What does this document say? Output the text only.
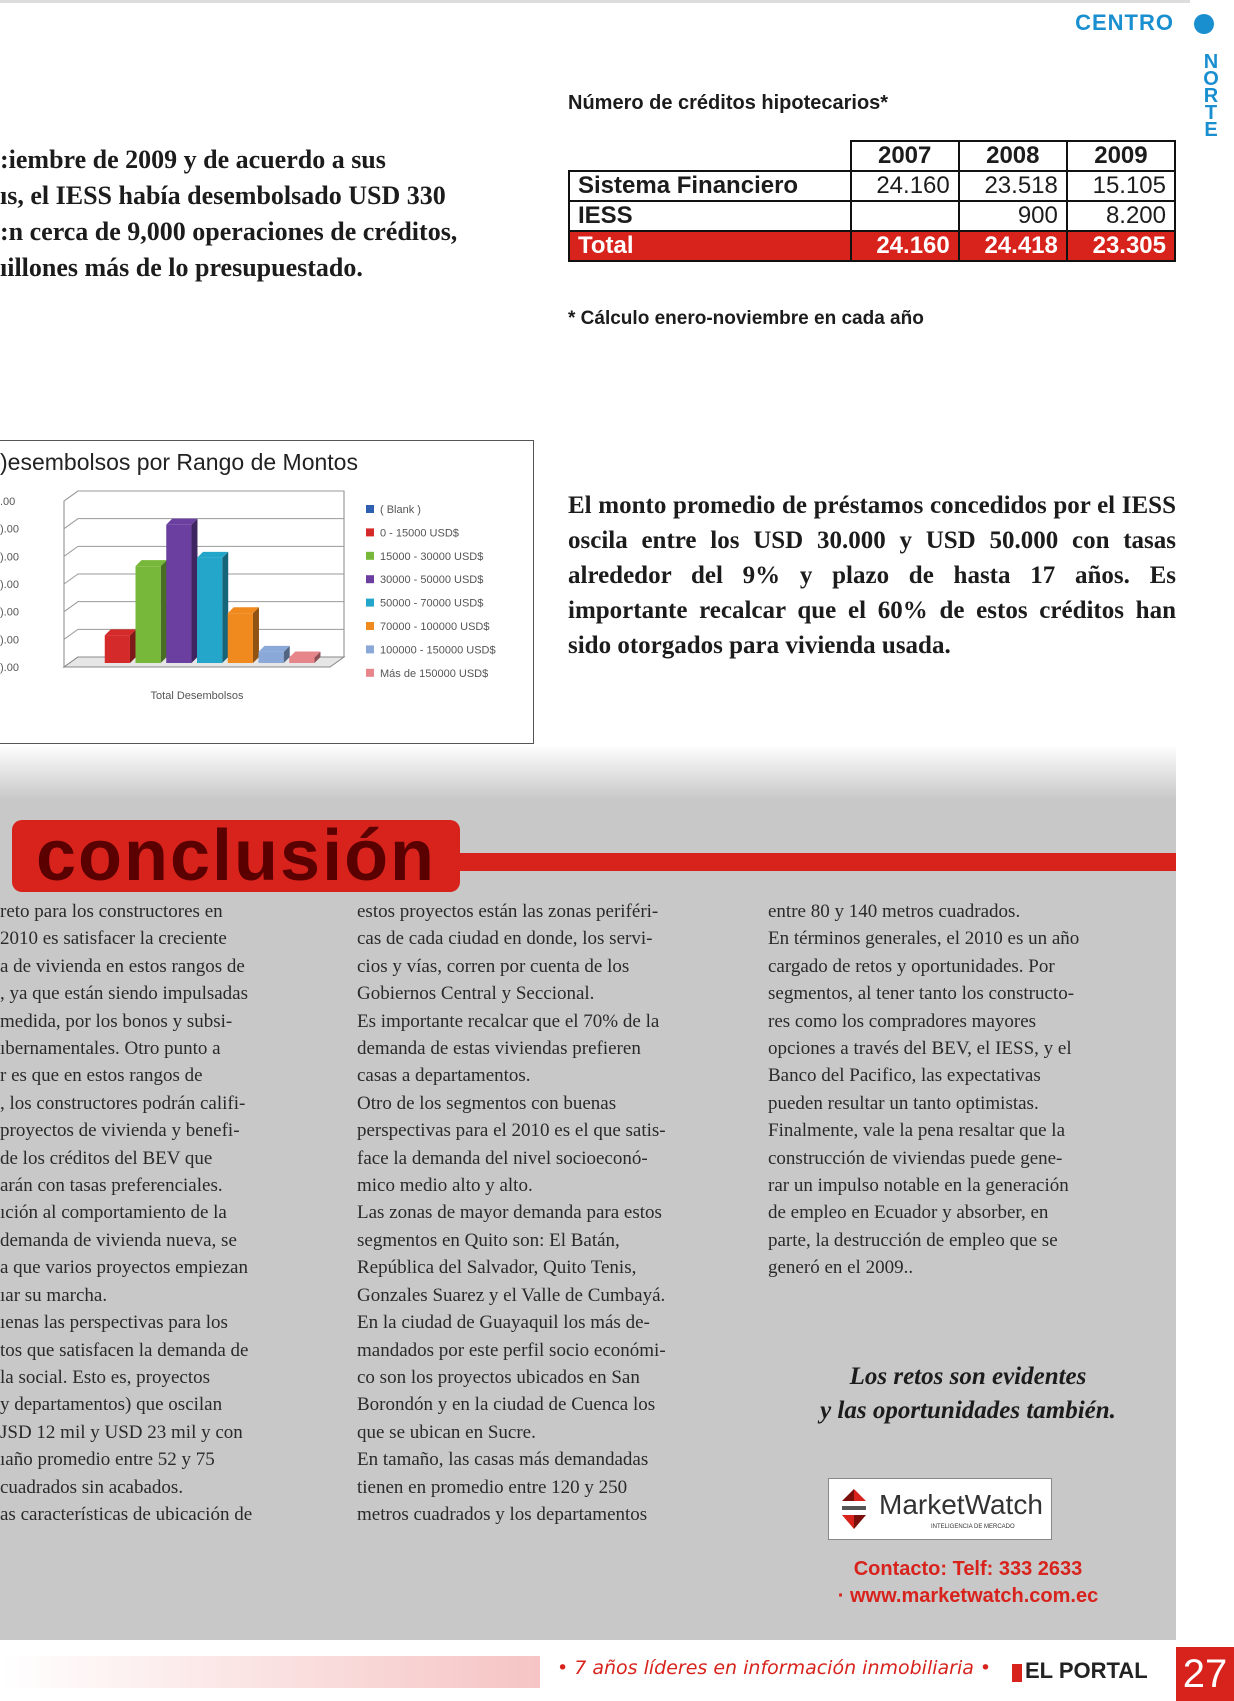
CENTRO
N
O
R
T
E
:iembre de 2009 y de acuerdo a sus
ıs, el IESS había desembolsado USD 330
:n cerca de 9,000 operaciones de créditos,
ıillones más de lo presupuestado.
Número de créditos hipotecarios*
	2007	2008	2009
Sistema Financiero	24.160	23.518	15.105
IESS		900	8.200
Total	24.160	24.418	23.305
* Cálculo enero-noviembre en cada año
)esembolsos por Rango de Montos
).00
).00
).00
).00
).00
).00
.00
Total Desembolsos
( Blank )
0 - 15000 USD$
15000 - 30000 USD$
30000 - 50000 USD$
50000 - 70000 USD$
70000 - 100000 USD$
100000 - 150000 USD$
Más de 150000 USD$
El monto promedio de préstamos concedidos por el IESS oscila entre los USD 30.000 y USD 50.000 con tasas alrededor del 9% y plazo de hasta 17 años. Es importante recalcar que el 60% de estos créditos han sido otorgados para vivienda usada.
conclusión
reto para los constructores en
2010 es satisfacer la creciente
a de vivienda en estos rangos de
, ya que están siendo impulsadas
medida, por los bonos y subsi-
ıbernamentales. Otro punto a
r es que en estos rangos de
, los constructores podrán califi-
proyectos de vivienda y benefi-
de los créditos del BEV que
arán con tasas preferenciales.
ıción al comportamiento de la
demanda de vivienda nueva, se
a que varios proyectos empiezan
ıar su marcha.
ıenas las perspectivas para los
tos que satisfacen la demanda de
la social. Esto es, proyectos
y departamentos) que oscilan
JSD 12 mil y USD 23 mil y con
ıaño promedio entre 52 y 75
cuadrados sin acabados.
as características de ubicación de
estos proyectos están las zonas periféri-
cas de cada ciudad en donde, los servi-
cios y vías, corren por cuenta de los
Gobiernos Central y Seccional.
Es importante recalcar que el 70% de la
demanda de estas viviendas prefieren
casas a departamentos.
Otro de los segmentos con buenas
perspectivas para el 2010 es el que satis-
face la demanda del nivel socioeconó-
mico medio alto y alto.
Las zonas de mayor demanda para estos
segmentos en Quito son: El Batán,
República del Salvador, Quito Tenis,
Gonzales Suarez y el Valle de Cumbayá.
En la ciudad de Guayaquil los más de-
mandados por este perfil socio económi-
co son los proyectos ubicados en San
Borondón y en la ciudad de Cuenca los
que se ubican en Sucre.
En tamaño, las casas más demandadas
tienen en promedio entre 120 y 250
metros cuadrados y los departamentos
entre 80 y 140 metros cuadrados.
En términos generales, el 2010 es un año
cargado de retos y oportunidades. Por
segmentos, al tener tanto los constructo-
res como los compradores mayores
opciones a través del BEV, el IESS, y el
Banco del Pacifico, las expectativas
pueden resultar un tanto optimistas.
Finalmente, vale la pena resaltar que la
construcción de viviendas puede gene-
rar un impulso notable en la generación
de empleo en Ecuador y absorber, en
parte, la destrucción de empleo que se
generó en el 2009..
Los retos son evidentes
y las oportunidades también.
MarketWatch
INTELIGENCIA DE MERCADO
Contacto: Telf: 333 2633
· www.marketwatch.com.ec
• 7 años líderes en información inmobiliaria • EL PORTAL 27
